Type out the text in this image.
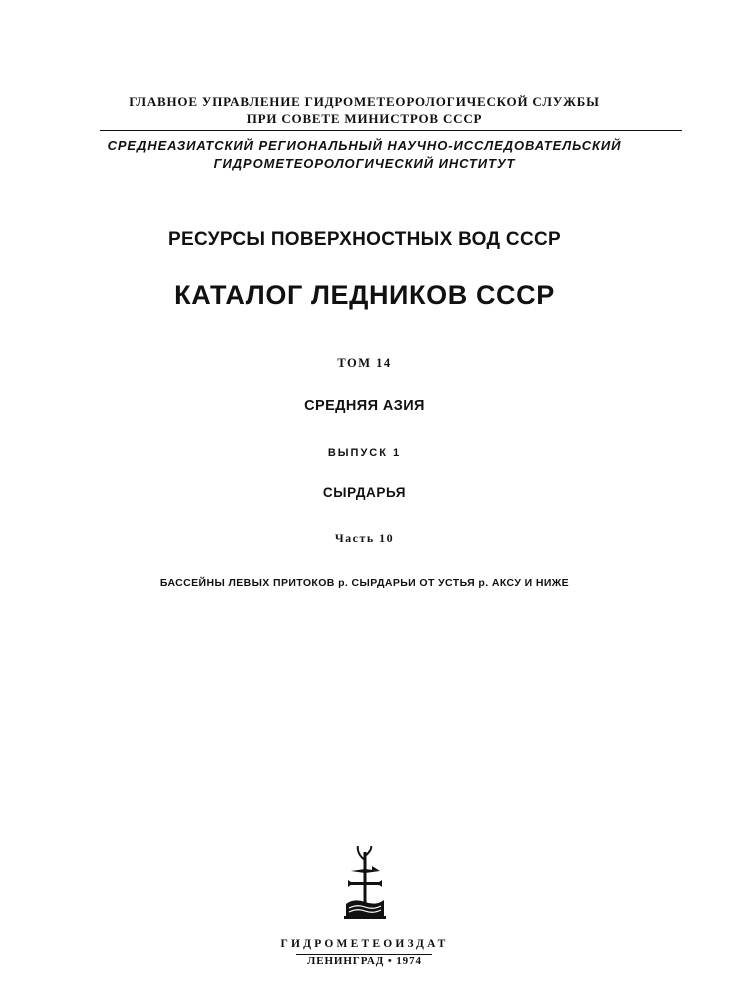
ГЛАВНОЕ УПРАВЛЕНИЕ ГИДРОМЕТЕОРОЛОГИЧЕСКОЙ СЛУЖБЫ
ПРИ СОВЕТЕ МИНИСТРОВ СССР
СРЕДНЕАЗИАТСКИЙ РЕГИОНАЛЬНЫЙ НАУЧНО-ИССЛЕДОВАТЕЛЬСКИЙ
ГИДРОМЕТЕОРОЛОГИЧЕСКИЙ ИНСТИТУТ
РЕСУРСЫ ПОВЕРХНОСТНЫХ ВОД СССР
КАТАЛОГ ЛЕДНИКОВ СССР
ТОМ 14
СРЕДНЯЯ АЗИЯ
ВЫПУСК 1
СЫРДАРЬЯ
Часть 10
БАССЕЙНЫ ЛЕВЫХ ПРИТОКОВ р. СЫРДАРЬИ ОТ УСТЬЯ р. АКСУ И НИЖЕ
ГИДРОМЕТЕОИЗДАТ
ЛЕНИНГРАД • 1974
